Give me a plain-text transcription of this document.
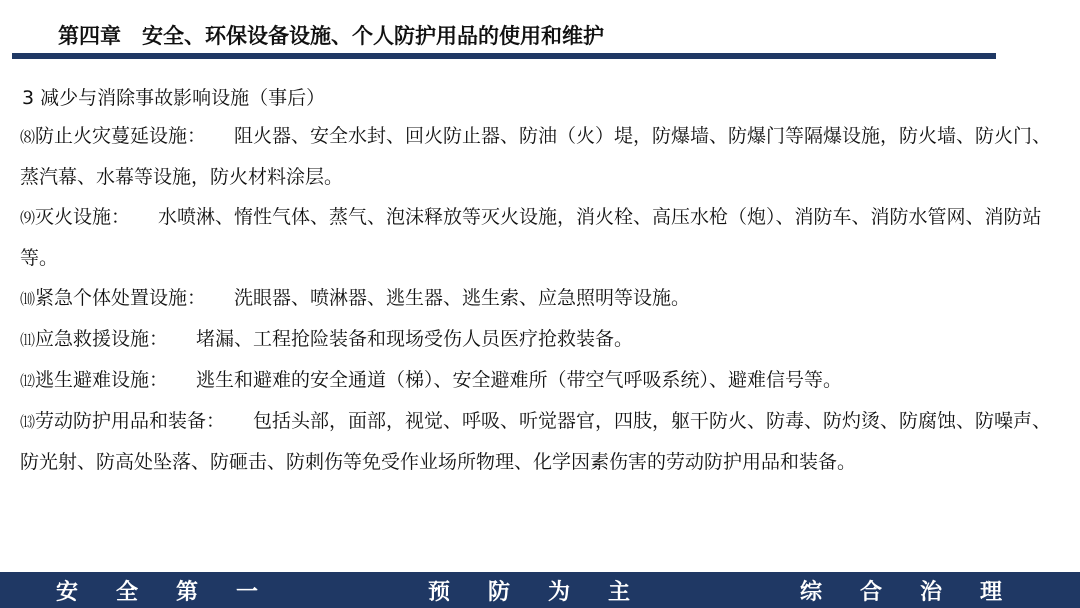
第四章　安全、环保设备设施、个人防护用品的使用和维护
3 减少与消除事故影响设施（事后）
⑻防止火灾蔓延设施： 阻火器、安全水封、回火防止器、防油（火）堤，防爆墙、防爆门等隔爆设施，防火墙、防火门、蒸汽幕、水幕等设施，防火材料涂层。
⑼灭火设施： 水喷淋、惰性气体、蒸气、泡沫释放等灭火设施，消火栓、高压水枪（炮）、消防车、消防水管网、消防站等。
⑽紧急个体处置设施： 洗眼器、喷淋器、逃生器、逃生索、应急照明等设施。
⑾应急救援设施： 堵漏、工程抢险装备和现场受伤人员医疗抢救装备。
⑿逃生避难设施： 逃生和避难的安全通道（梯）、安全避难所（带空气呼吸系统）、避难信号等。
⒀劳动防护用品和装备： 包括头部，面部，视觉、呼吸、听觉器官，四肢，躯干防火、防毒、防灼烫、防腐蚀、防噪声、防光射、防高处坠落、防砸击、防刺伤等免受作业场所物理、化学因素伤害的劳动防护用品和装备。
安全第一	预防为主	综合治理
